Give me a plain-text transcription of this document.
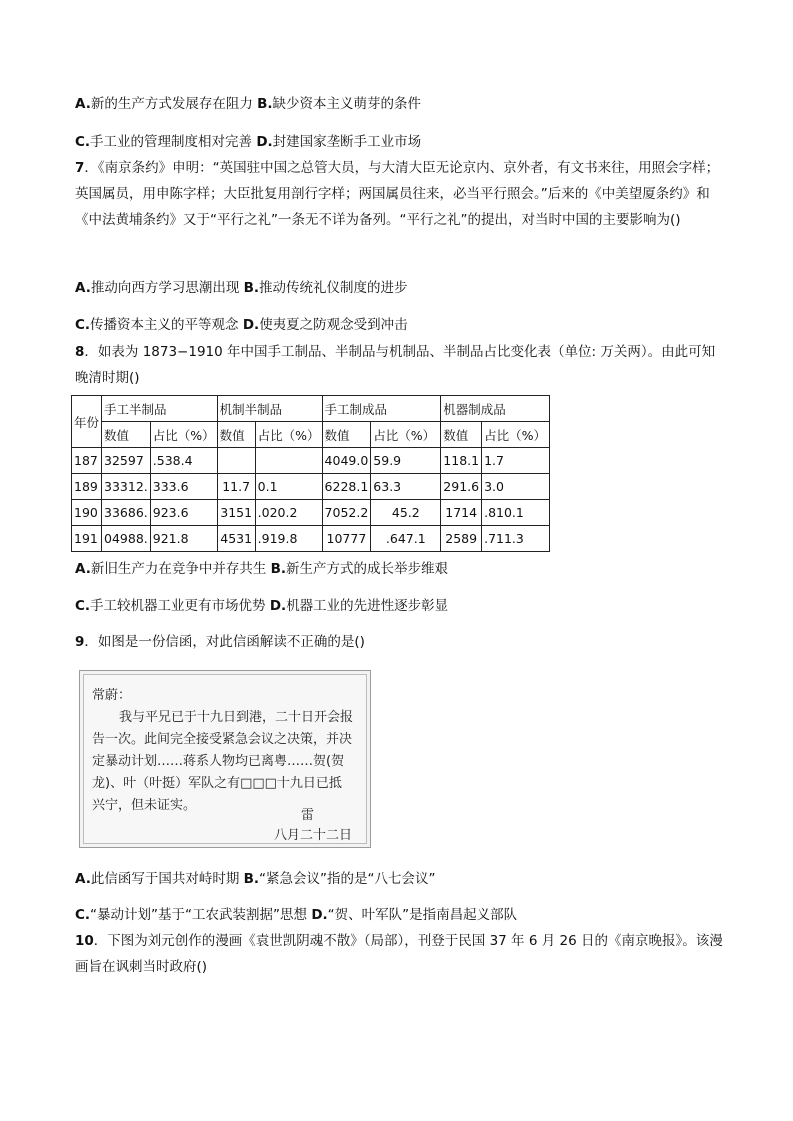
A.新的生产方式发展存在阻力 B.缺少资本主义萌芽的条件
C.手工业的管理制度相对完善 D.封建国家垄断手工业市场
7．《南京条约》申明：“英国驻中国之总管大员，与大清大臣无论京内、京外者，有文书来往，用照会字样；英国属员，用申陈字样；大臣批复用剖行字样；两国属员往来，必当平行照会。”后来的《中美望厦条约》和《中法黄埔条约》又于“平行之礼”一条无不详为备列。“平行之礼”的提出，对当时中国的主要影响为()
A.推动向西方学习思潮出现 B.推动传统礼仪制度的进步
C.传播资本主义的平等观念 D.使夷夏之防观念受到冲击
8．如表为 1873−1910 年中国手工制品、半制品与机制品、半制品占比变化表（单位: 万关两）。由此可知晚清时期()
年份	手工半制品		机制半制品		手工制成品		机器制成品	
	数值	占比（%）	数值	占比（%）	数值	占比（%）	数值	占比（%）
187	32597	.538.4			4049.0	59.9	118.1	1.7
189	33312.	333.6	11.7	0.1	6228.1	63.3	291.6	3.0
190	33686.	923.6	3151	.020.2	7052.2	45.2	1714	.810.1
191	04988.	921.8	4531	.919.8	10777	.647.1	2589	.711.3
A.新旧生产力在竞争中并存共生 B.新生产方式的成长举步维艰
C.手工较机器工业更有市场优势 D.机器工业的先进性逐步彰显
9．如图是一份信函，对此信函解读不正确的是()

常蔚：

我与平兄已于十九日到港，二十日开会报

告一次。此间完全接受紧急会议之决策，并决

定暴动计划……蒋系人物均已离粤……贺(贺

龙)、叶（叶挺）军队之有□□□十九日已抵

兴宁，但未证实。

雷

八月二十二日

A.此信函写于国共对峙时期 B.“紧急会议”指的是“八七会议”
C.“暴动计划”基于“工农武装割据”思想 D.“贺、叶军队”是指南昌起义部队
10．下图为刘元创作的漫画《袁世凯阴魂不散》（局部），刊登于民国 37 年 6 月 26 日的《南京晚报》。该漫画旨在讽刺当时政府()
